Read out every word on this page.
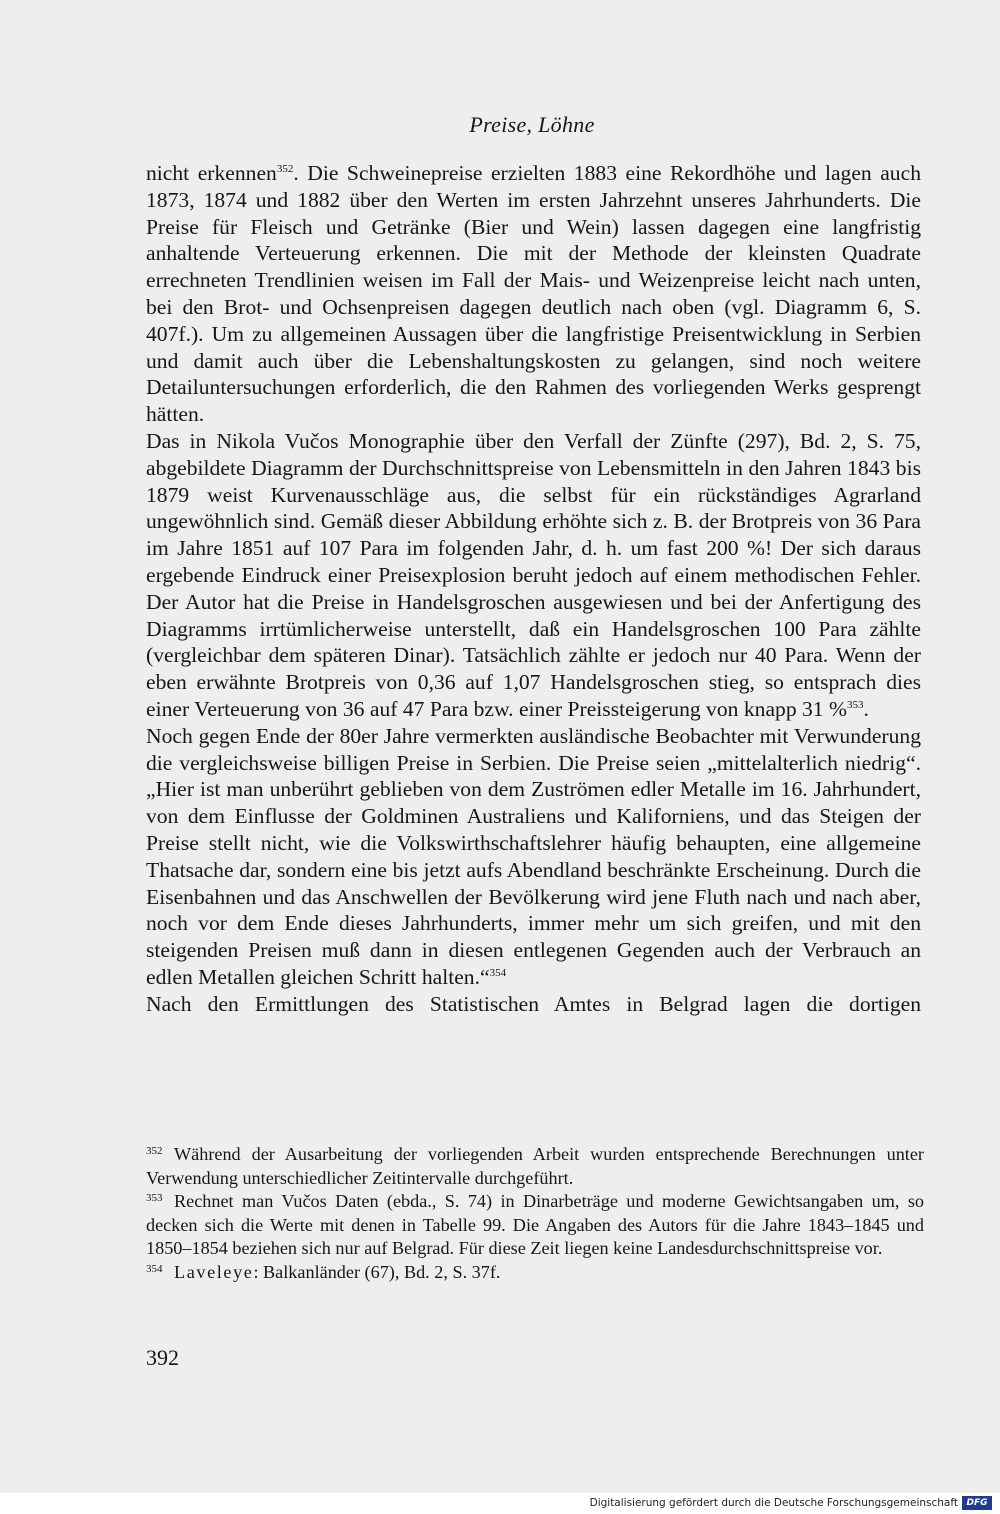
Preise, Löhne

nicht erkennen$^{352}$. Die Schweinepreise erzielten 1883 eine Rekordhöhe und lagen auch 1873, 1874 und 1882 über den Werten im ersten Jahrzehnt unseres Jahrhunderts. Die Preise für Fleisch und Getränke (Bier und Wein) lassen dagegen eine langfristig anhaltende Verteuerung erkennen. Die mit der Methode der kleinsten Quadrate errechneten Trendlinien weisen im Fall der Mais- und Weizenpreise leicht nach unten, bei den Brot- und Ochsenpreisen dagegen deutlich nach oben (vgl. Diagramm 6, S. 407f.). Um zu allgemeinen Aussagen über die langfristige Preisentwicklung in Serbien und damit auch über die Lebenshaltungskosten zu gelangen, sind noch weitere Detailuntersuchungen erforderlich, die den Rahmen des vorliegenden Werks gesprengt hätten.

Das in Nikola Vučos Monographie über den Verfall der Zünfte (297), Bd. 2, S. 75, abgebildete Diagramm der Durchschnittspreise von Lebensmitteln in den Jahren 1843 bis 1879 weist Kurvenausschläge aus, die selbst für ein rückständiges Agrarland ungewöhnlich sind. Gemäß dieser Abbildung erhöhte sich z. B. der Brotpreis von 36 Para im Jahre 1851 auf 107 Para im folgenden Jahr, d. h. um fast 200 %! Der sich daraus ergebende Eindruck einer Preisexplosion beruht jedoch auf einem methodischen Fehler. Der Autor hat die Preise in Handelsgroschen ausgewiesen und bei der Anfertigung des Diagramms irrtümlicherweise unterstellt, daß ein Handelsgroschen 100 Para zählte (vergleichbar dem späteren Dinar). Tatsächlich zählte er jedoch nur 40 Para. Wenn der eben erwähnte Brotpreis von 0,36 auf 1,07 Handelsgroschen stieg, so entsprach dies einer Verteuerung von 36 auf 47 Para bzw. einer Preissteigerung von knapp 31 %$^{353}$.

Noch gegen Ende der 80er Jahre vermerkten ausländische Beobachter mit Verwunderung die vergleichsweise billigen Preise in Serbien. Die Preise seien „mittelalterlich niedrig“. „Hier ist man unberührt geblieben von dem Zuströmen edler Metalle im 16. Jahrhundert, von dem Einflusse der Goldminen Australiens und Kaliforniens, und das Steigen der Preise stellt nicht, wie die Volkswirthschaftslehrer häufig behaupten, eine allgemeine Thatsache dar, sondern eine bis jetzt aufs Abendland beschränkte Erscheinung. Durch die Eisenbahnen und das Anschwellen der Bevölkerung wird jene Fluth nach und nach aber, noch vor dem Ende dieses Jahrhunderts, immer mehr um sich greifen, und mit den steigenden Preisen muß dann in diesen entlegenen Gegenden auch der Verbrauch an edlen Metallen gleichen Schritt halten.“$^{354}$

Nach den Ermittlungen des Statistischen Amtes in Belgrad lagen die dortigen

352 Während der Ausarbeitung der vorliegenden Arbeit wurden entsprechende Berechnungen unter Verwendung unterschiedlicher Zeitintervalle durchgeführt.

353 Rechnet man Vučos Daten (ebda., S. 74) in Dinarbeträge und moderne Gewichtsangaben um, so decken sich die Werte mit denen in Tabelle 99. Die Angaben des Autors für die Jahre 1843–1845 und 1850–1854 beziehen sich nur auf Belgrad. Für diese Zeit liegen keine Landesdurchschnittspreise vor.

354 Laveleye: Balkanländer (67), Bd. 2, S. 37f.

392
Digitalisierung gefördert durch die Deutsche Forschungsgemeinschaft DFG
